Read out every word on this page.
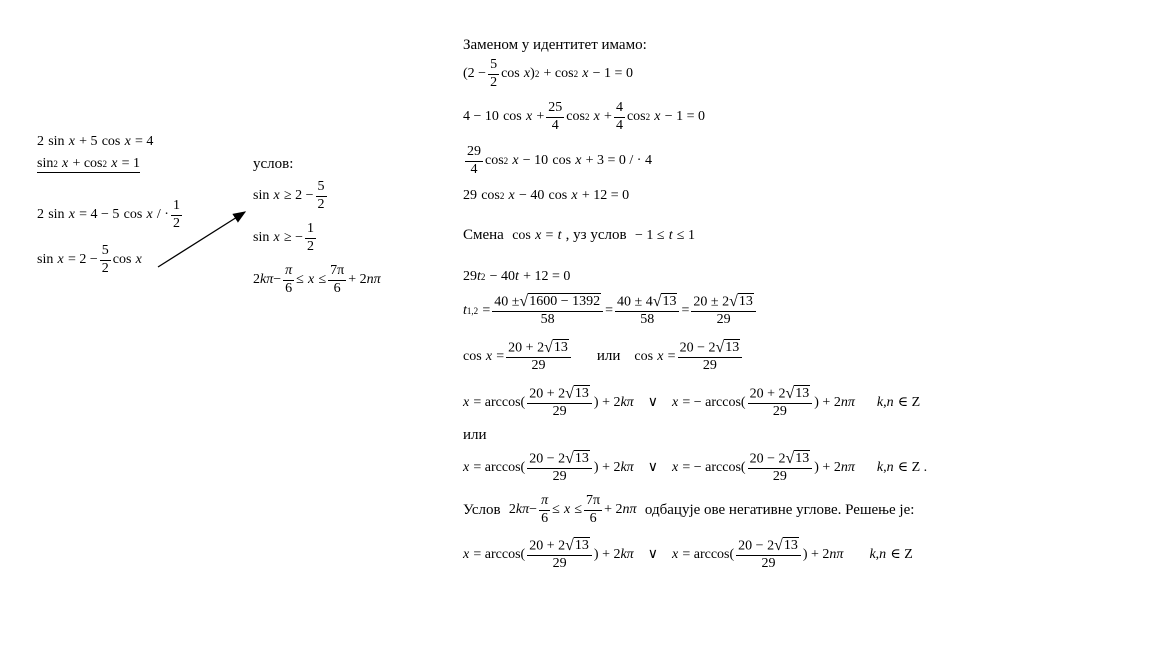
2 sin x + 5 cos x = 4
sin 2 x + cos 2 x = 1
2 sin x = 4 − 5 cos x / · $\frac{1}{2}$
$\sin x = 2 - \frac{5}{2}$ cos x
услов:
$\sin x \ge 2 - \frac{5}{2}$
sin x ≥ − $\frac{1}{2}$
2 $k\pi - \frac{\pi}{6} \le x \le \frac{7\pi}{6} + 2$ nπ
Заменом у идентитет имамо:
($2 - \frac{5}{2}$ cos x ) 2 + cos 2 x − 1 = 0
4 − 10 $\cos x + \frac{25}{4}$ cos 2 $x + \frac{4}{4}$ cos 2 x − 1 = 0
$\frac{29}{4}$ cos 2 x − 10 cos x + 3 = 0 / · 4
29 cos 2 x − 40 cos x + 12 = 0
Смена cos x = t , уз услов − 1 ≤ t ≤ 1
29 t 2 − 40 t + 12 = 0
t $1,2 = \frac{40 \pm √ 1600 - 1392}{58} = \frac{40 \pm 4 √ 13}{58} = \frac{20 \pm 2 √ 13}{29}$
$\cos x = \frac{20 + 2 √ 13}{29}$ или $\cos x = \frac{20 - 2 √ 13}{29}$
$x = \arccos( \frac{20 + 2 √ 13}{29}$ ) + 2 kπ ∨ x = − $\arccos( \frac{20 + 2 √ 13}{29}$ ) + 2 nπ k , n ∈ Z
или
$x = \arccos( \frac{20 - 2 √ 13}{29}$ ) + 2 kπ ∨ x = − $\arccos( \frac{20 - 2 √ 13}{29}$ ) + 2 nπ k , n ∈ Z .
Услов 2 $k\pi - \frac{\pi}{6} \le x \le \frac{7\pi}{6} + 2$ nπ одбацује ове негативне углове. Решење је:
$x = \arccos( \frac{20 + 2 √ 13}{29}$ ) + 2 kπ ∨ $x = \arccos( \frac{20 - 2 √ 13}{29}$ ) + 2 nπ k , n ∈ Z
